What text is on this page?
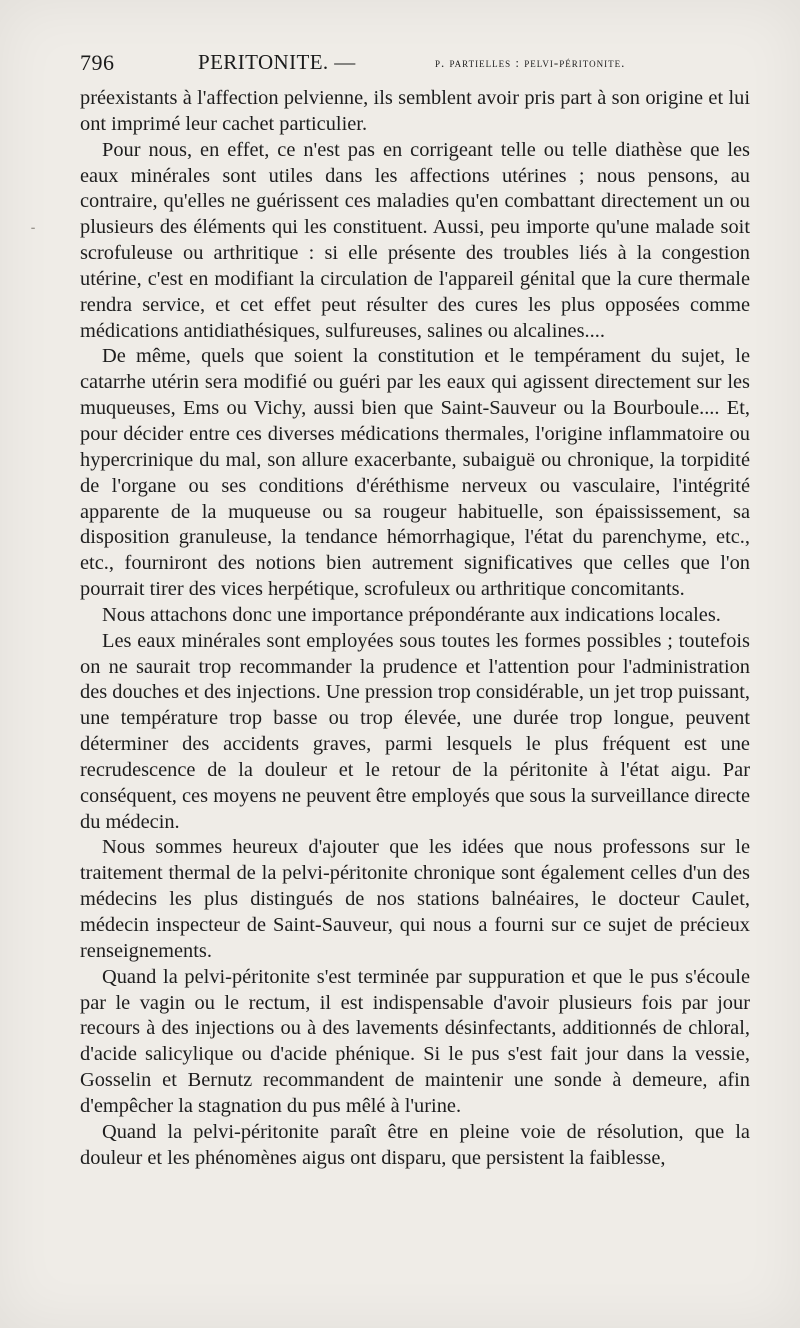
796	PERITONITE. —	p. partielles : pelvi-péritonite.

préexistants à l'affection pelvienne, ils semblent avoir pris part à son origine et lui ont imprimé leur cachet particulier.

Pour nous, en effet, ce n'est pas en corrigeant telle ou telle diathèse que les eaux minérales sont utiles dans les affections utérines ; nous pensons, au contraire, qu'elles ne guérissent ces maladies qu'en combattant directement un ou plusieurs des éléments qui les constituent. Aussi, peu importe qu'une malade soit scrofuleuse ou arthritique : si elle présente des troubles liés à la congestion utérine, c'est en modifiant la circulation de l'appareil génital que la cure thermale rendra service, et cet effet peut résulter des cures les plus opposées comme médications antidiathésiques, sulfureuses, salines ou alcalines....

De même, quels que soient la constitution et le tempérament du sujet, le catarrhe utérin sera modifié ou guéri par les eaux qui agissent directement sur les muqueuses, Ems ou Vichy, aussi bien que Saint-Sauveur ou la Bourboule.... Et, pour décider entre ces diverses médications thermales, l'origine inflammatoire ou hypercrinique du mal, son allure exacerbante, subaiguë ou chronique, la torpidité de l'organe ou ses conditions d'éréthisme nerveux ou vasculaire, l'intégrité apparente de la muqueuse ou sa rougeur habituelle, son épaississement, sa disposition granuleuse, la tendance hémorrhagique, l'état du parenchyme, etc., etc., fourniront des notions bien autrement significatives que celles que l'on pourrait tirer des vices herpétique, scrofuleux ou arthritique concomitants.

Nous attachons donc une importance prépondérante aux indications locales.

Les eaux minérales sont employées sous toutes les formes possibles ; toutefois on ne saurait trop recommander la prudence et l'attention pour l'administration des douches et des injections. Une pression trop considérable, un jet trop puissant, une température trop basse ou trop élevée, une durée trop longue, peuvent déterminer des accidents graves, parmi lesquels le plus fréquent est une recrudescence de la douleur et le retour de la péritonite à l'état aigu. Par conséquent, ces moyens ne peuvent être employés que sous la surveillance directe du médecin.

Nous sommes heureux d'ajouter que les idées que nous professons sur le traitement thermal de la pelvi-péritonite chronique sont également celles d'un des médecins les plus distingués de nos stations balnéaires, le docteur Caulet, médecin inspecteur de Saint-Sauveur, qui nous a fourni sur ce sujet de précieux renseignements.

Quand la pelvi-péritonite s'est terminée par suppuration et que le pus s'écoule par le vagin ou le rectum, il est indispensable d'avoir plusieurs fois par jour recours à des injections ou à des lavements désinfectants, additionnés de chloral, d'acide salicylique ou d'acide phénique. Si le pus s'est fait jour dans la vessie, Gosselin et Bernutz recommandent de maintenir une sonde à demeure, afin d'empêcher la stagnation du pus mêlé à l'urine.

Quand la pelvi-péritonite paraît être en pleine voie de résolution, que la douleur et les phénomènes aigus ont disparu, que persistent la faiblesse,

⁃
